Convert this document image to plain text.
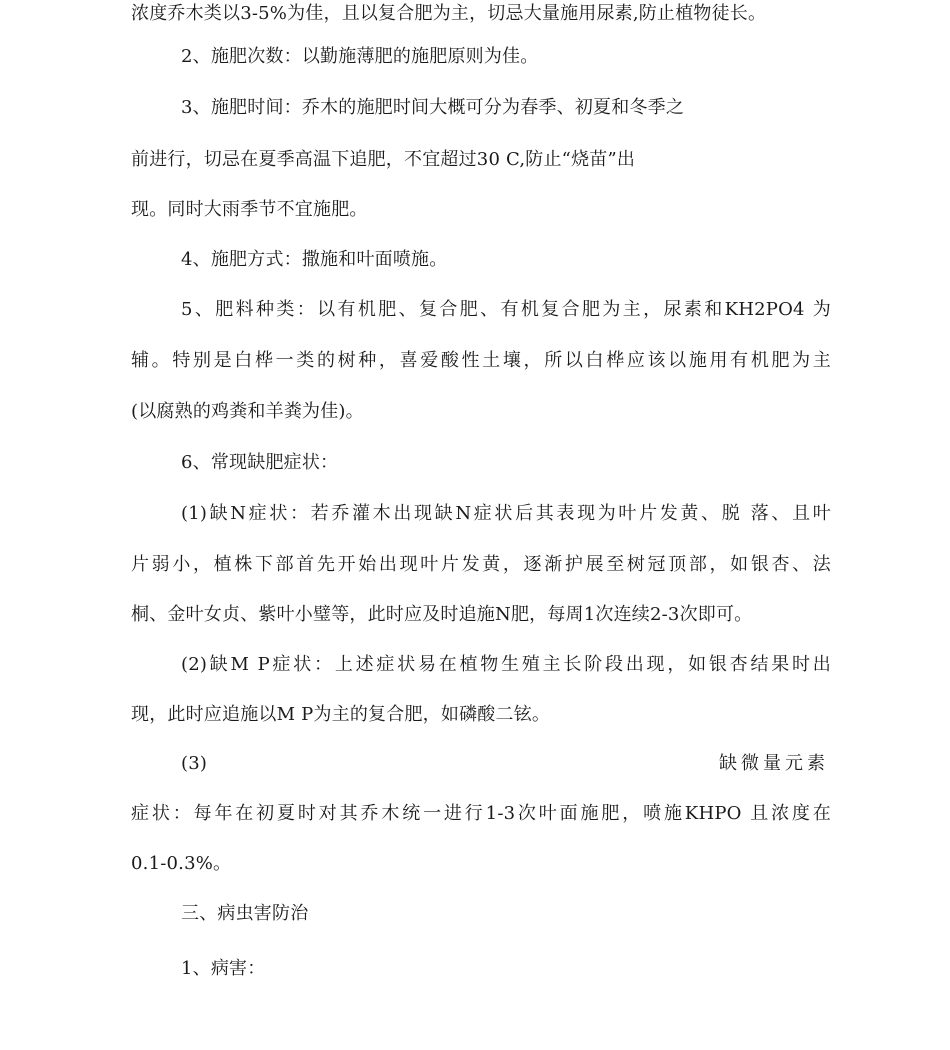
浓度乔木类以3-5%为佳，且以复合肥为主，切忌大量施用尿素,防止植物徒长。
2、施肥次数：以勤施薄肥的施肥原则为佳。
3、施肥时间：乔木的施肥时间大概可分为春季、初夏和冬季之
前进行，切忌在夏季高温下追肥，不宜超过30 C,防止“烧苗”出
现。同时大雨季节不宜施肥。
4、施肥方式：撒施和叶面喷施。
5、肥料种类：以有机肥、复合肥、有机复合肥为主，尿素和KH2PO4 为
辅。特别是白桦一类的树种，喜爱酸性土壤，所以白桦应该以施用有机肥为主
(以腐熟的鸡粪和羊粪为佳)。
6、常现缺肥症状：
(1)缺N症状：若乔灌木出现缺N症状后其表现为叶片发黄、脱 落、且叶
片弱小，植株下部首先开始出现叶片发黄，逐渐护展至树冠顶部，如银杏、法
桐、金叶女贞、紫叶小璧等，此时应及时追施N肥，每周1次连续2-3次即可。
(2)缺M P症状：上述症状易在植物生殖主长阶段出现，如银杏结果时出
现，此时应追施以M P为主的复合肥，如磷酸二铉。
(3)	缺微量元素
症状：每年在初夏时对其乔木统一进行1-3次叶面施肥，喷施KHPO 且浓度在
0.1-0.3%。
三、病虫害防治
1、病害：
